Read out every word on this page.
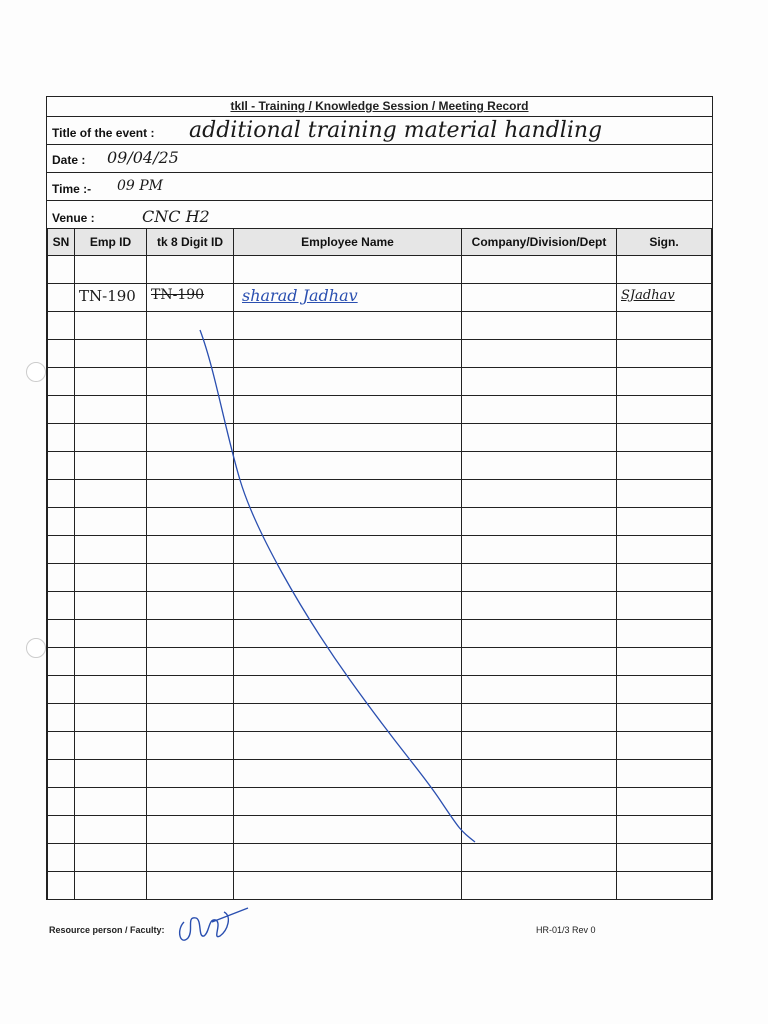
tkIl - Training / Knowledge Session / Meeting Record
Title of the event : additional training material handling
Date : 09/04/25
Time :- 09 PM
Venue :	CNC H2
SN	Emp ID	tk 8 Digit ID	Employee Name	Company/Division/Dept	Sign.

	TN-190	TN-190	sharad Jadhav		SJadhav

Resource person / Faculty:	HR-01/3 Rev 0
